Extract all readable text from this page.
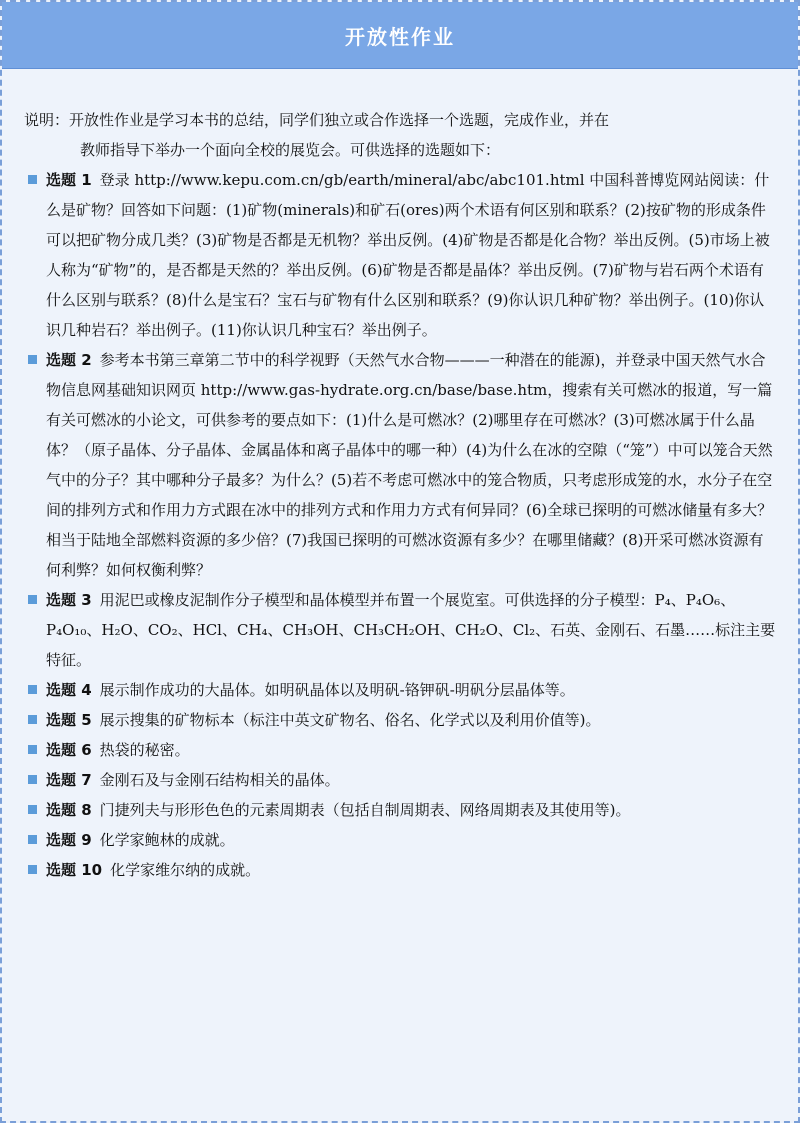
开放性作业
说明：开放性作业是学习本书的总结，同学们独立或合作选择一个选题，完成作业，并在
教师指导下举办一个面向全校的展览会。可供选择的选题如下：
选题 1 登录 http://www.kepu.com.cn/gb/earth/mineral/abc/abc101.html 中国科普博览网站阅读：什么是矿物？回答如下问题：(1)矿物(minerals)和矿石(ores)两个术语有何区别和联系？(2)按矿物的形成条件可以把矿物分成几类？(3)矿物是否都是无机物？举出反例。(4)矿物是否都是化合物？举出反例。(5)市场上被人称为“矿物”的，是否都是天然的？举出反例。(6)矿物是否都是晶体？举出反例。(7)矿物与岩石两个术语有什么区别与联系？(8)什么是宝石？宝石与矿物有什么区别和联系？(9)你认识几种矿物？举出例子。(10)你认识几种岩石？举出例子。(11)你认识几种宝石？举出例子。
选题 2 参考本书第三章第二节中的科学视野（天然气水合物———一种潜在的能源)，并登录中国天然气水合物信息网基础知识网页 http://www.gas-hydrate.org.cn/base/base.htm，搜索有关可燃冰的报道，写一篇有关可燃冰的小论文，可供参考的要点如下：(1)什么是可燃冰？(2)哪里存在可燃冰？(3)可燃冰属于什么晶体？（原子晶体、分子晶体、金属晶体和离子晶体中的哪一种）(4)为什么在冰的空隙（“笼”）中可以笼合天然气中的分子？其中哪种分子最多？为什么？(5)若不考虑可燃冰中的笼合物质，只考虑形成笼的水，水分子在空间的排列方式和作用力方式跟在冰中的排列方式和作用力方式有何异同？(6)全球已探明的可燃冰储量有多大？相当于陆地全部燃料资源的多少倍？(7)我国已探明的可燃冰资源有多少？在哪里储藏？(8)开采可燃冰资源有何利弊？如何权衡利弊？
选题 3 用泥巴或橡皮泥制作分子模型和晶体模型并布置一个展览室。可供选择的分子模型：P₄、P₄O₆、P₄O₁₀、H₂O、CO₂、HCl、CH₄、CH₃OH、CH₃CH₂OH、CH₂O、Cl₂、石英、金刚石、石墨……标注主要特征。
选题 4 展示制作成功的大晶体。如明矾晶体以及明矾-铬钾矾-明矾分层晶体等。
选题 5 展示搜集的矿物标本（标注中英文矿物名、俗名、化学式以及利用价值等)。
选题 6 热袋的秘密。
选题 7 金刚石及与金刚石结构相关的晶体。
选题 8 门捷列夫与形形色色的元素周期表（包括自制周期表、网络周期表及其使用等)。
选题 9 化学家鲍林的成就。
选题 10 化学家维尔纳的成就。
